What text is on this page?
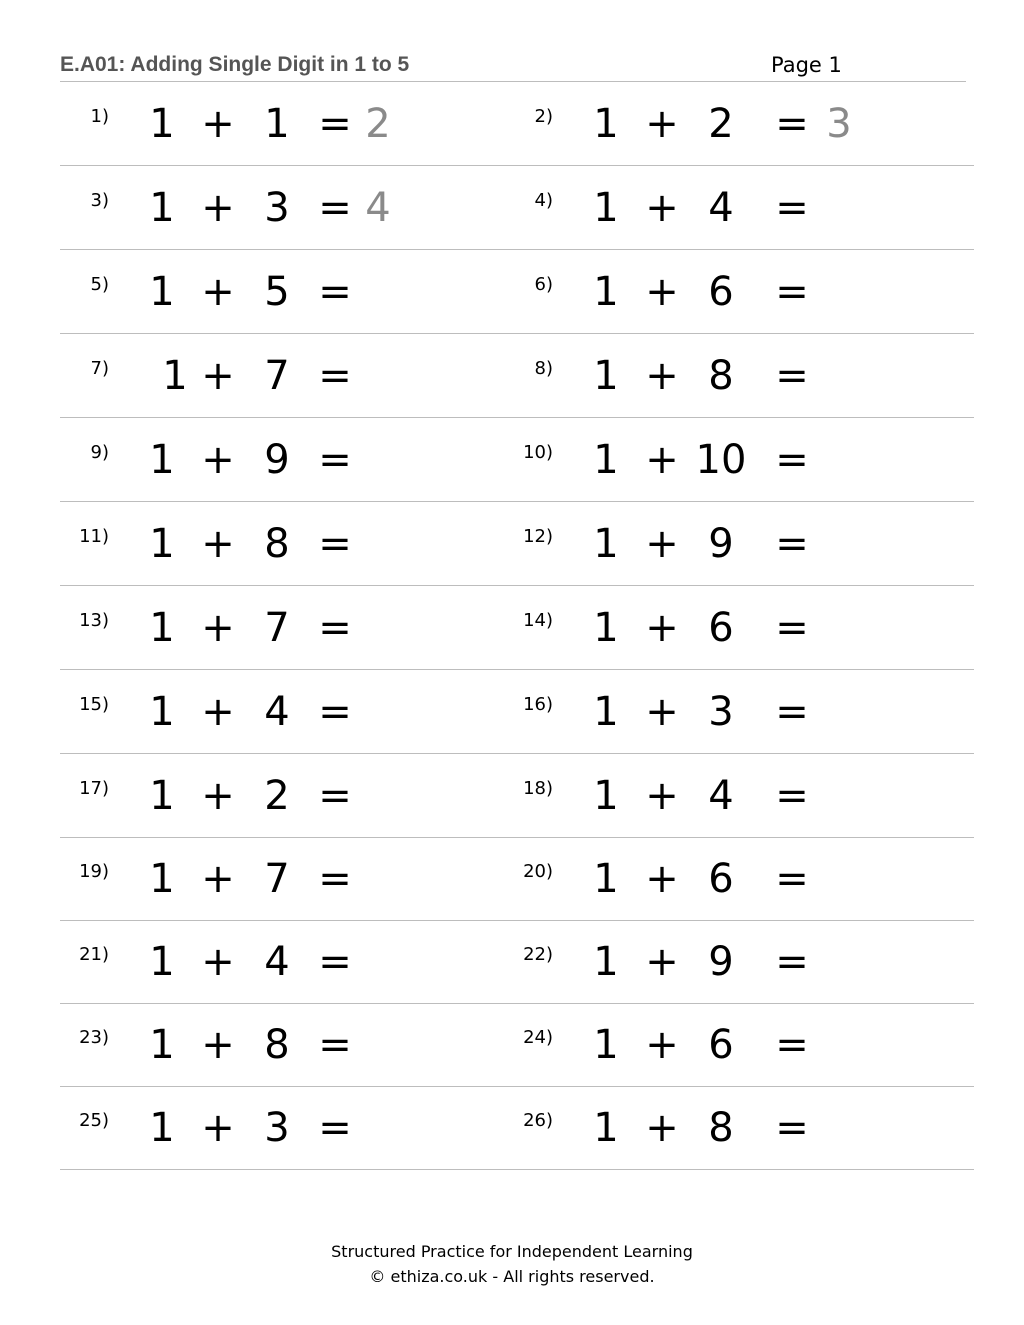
E.A01: Adding Single Digit in 1 to 5	Page 1
1)	1 + 1 = 2	2)	1 + 2	= 3
3)	1 + 3 = 4	4)	1 + 4	=
5)	1 + 5 =	6)	1 + 6	=
7)	1 + 7 =	8)	1 + 8	=
9)	1 + 9 =	10)	1 + 10 =
11)	1 + 8 =	12)	1 + 9	=
13)	1 + 7 =	14)	1 + 6	=
15)	1 + 4 =	16)	1 + 3	=
17)	1 + 2 =	18)	1 + 4	=
19)	1 + 7 =	20)	1 + 6	=
21)	1 + 4 =	22)	1 + 9	=
23)	1 + 8 =	24)	1 + 6	=
25)	1 + 3 =	26)	1 + 8	=
Structured Practice for Independent Learning
© ethiza.co.uk - All rights reserved.
